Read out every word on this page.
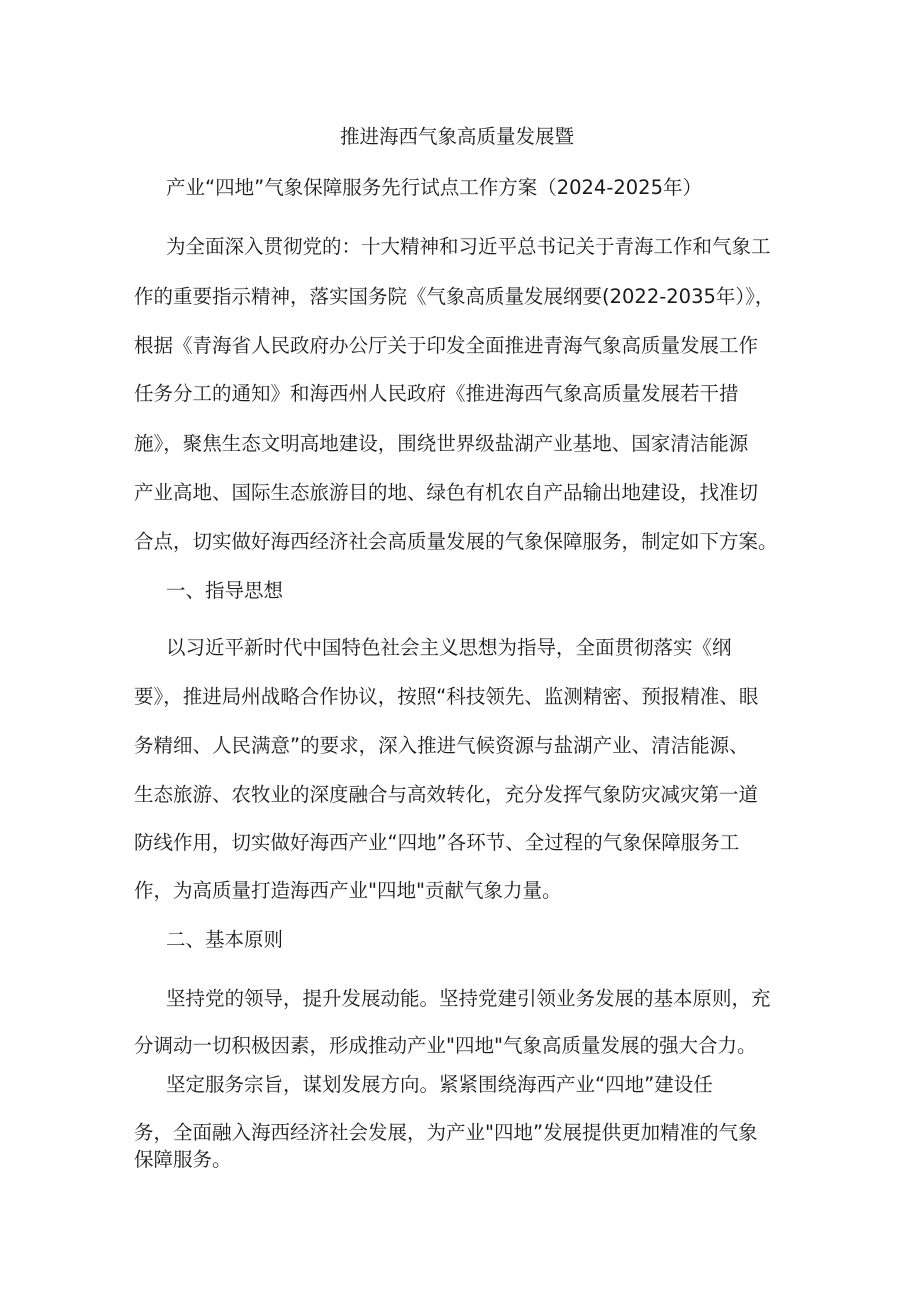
推进海西气象高质量发展暨

产业“四地”气象保障服务先行试点工作方案（2024-2025年）

为全面深入贯彻党的：十大精神和习近平总书记关于青海工作和气象工

作的重要指示精神，落实国务院《气象高质量发展纲要(2022-2035年）》，

根据《青海省人民政府办公厅关于印发全面推进青海气象高质量发展工作

任务分工的通知》和海西州人民政府《推进海西气象高质量发展若干措

施》，聚焦生态文明高地建设，围绕世界级盐湖产业基地、国家清洁能源

产业高地、国际生态旅游目的地、绿色有机农自产品输出地建设，找准切

合点，切实做好海西经济社会高质量发展的气象保障服务，制定如下方案。

一、指导思想

以习近平新时代中国特色社会主义思想为指导，全面贯彻落实《纲

要》，推进局州战略合作协议，按照“科技领先、监测精密、预报精准、眼

务精细、人民满意”的要求，深入推进气候资源与盐湖产业、清洁能源、

生态旅游、农牧业的深度融合与高效转化，充分发挥气象防灾减灾第一道

防线作用，切实做好海西产业“四地”各环节、全过程的气象保障服务工

作，为高质量打造海西产业"四地"贡献气象力量。

二、基本原则

坚持党的领导，提升发展动能。坚持党建引领业务发展的基本原则，充

分调动一切积极因素，形成推动产业"四地"气象高质量发展的强大合力。

坚定服务宗旨，谋划发展方向。紧紧围绕海西产业“四地”建设任

务，全面融入海西经济社会发展，为产业"四地”发展提供更加精准的气象

保障服务。
